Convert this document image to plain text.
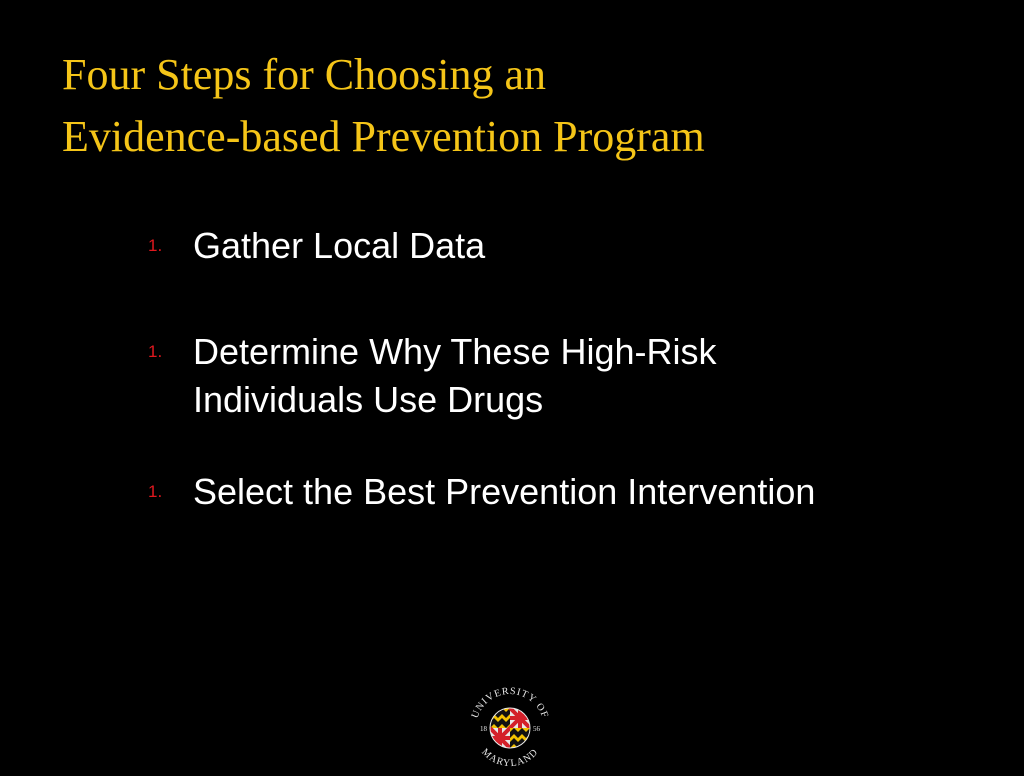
Four Steps for Choosing an
Evidence-based Prevention Program
1. Gather Local Data
1. Determine Why These High-Risk Individuals Use Drugs
1. Select the Best Prevention Intervention
UNIVERSITY OF
MARYLAND
18	56
